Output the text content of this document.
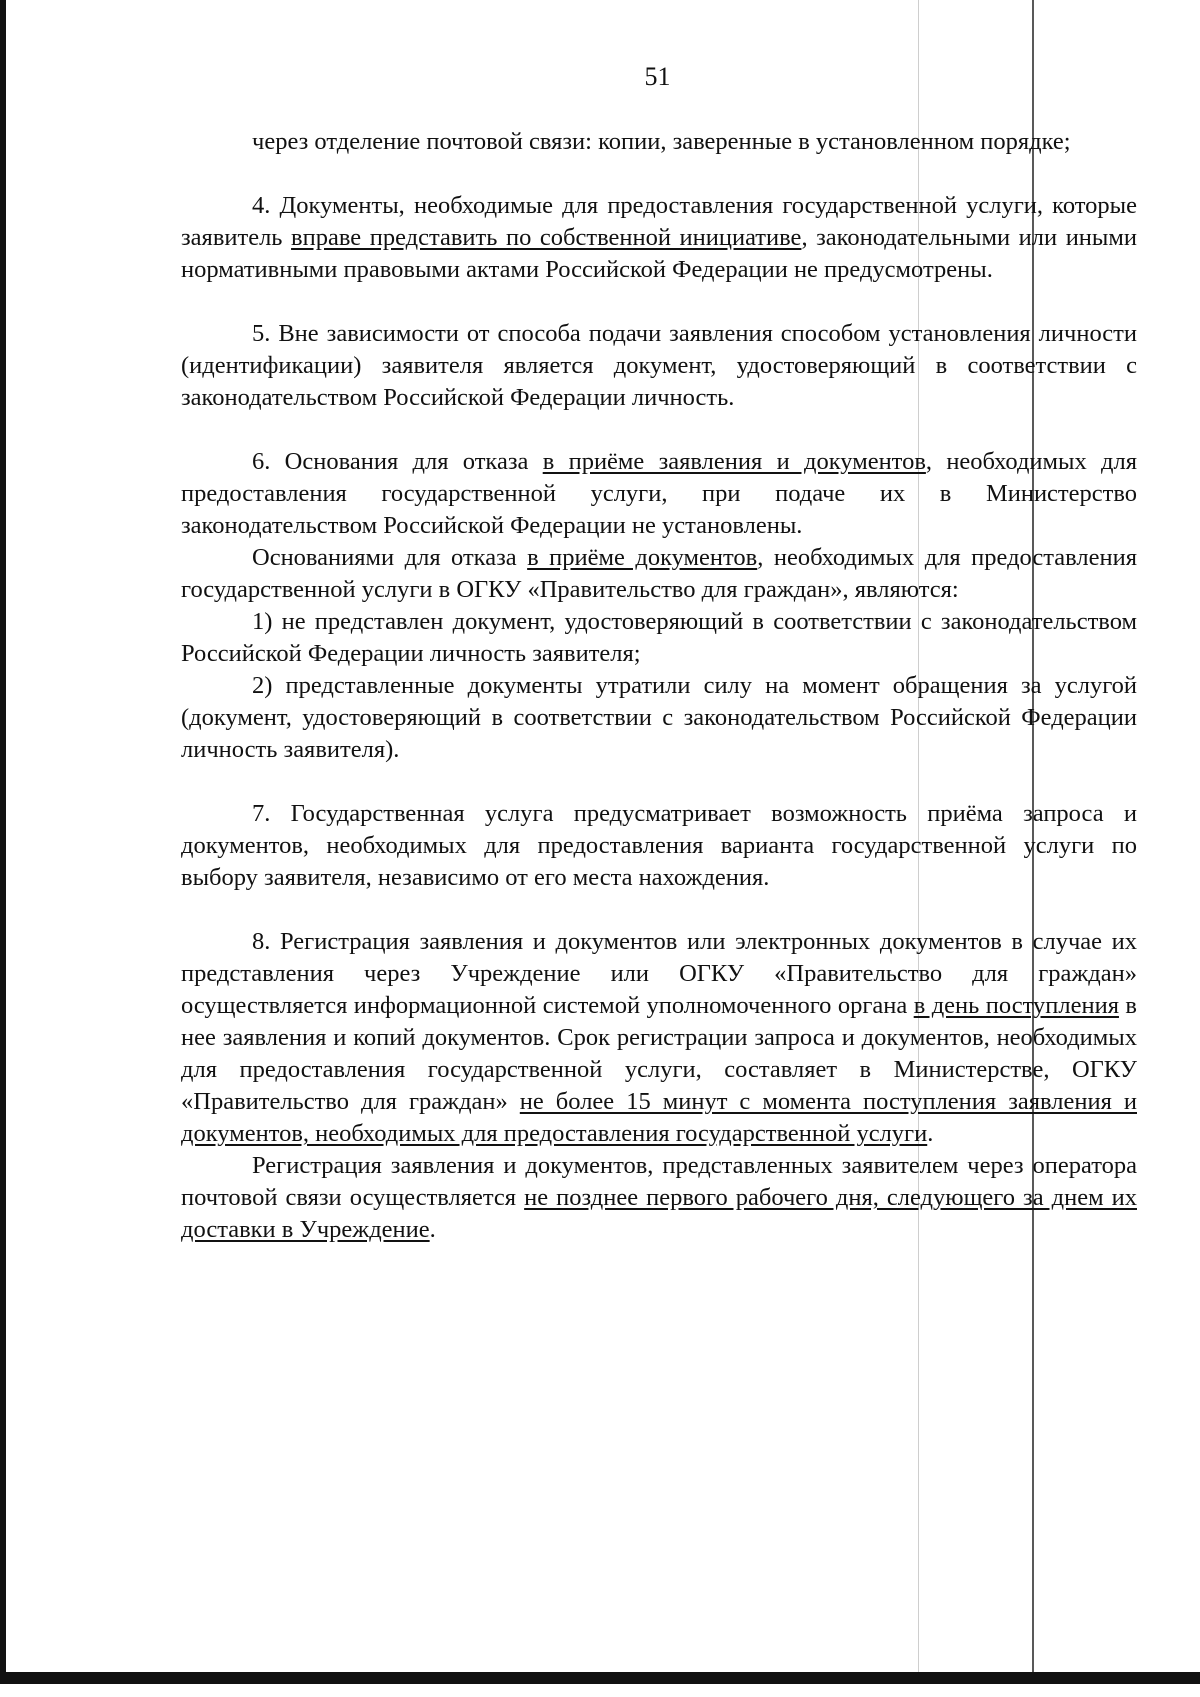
51

через отделение почтовой связи: копии, заверенные в установленном порядке;

4. Документы, необходимые для предоставления государственной услуги, которые заявитель вправе представить по собственной инициативе, законодательными или иными нормативными правовыми актами Российской Федерации не предусмотрены.

5. Вне зависимости от способа подачи заявления способом установления личности (идентификации) заявителя является документ, удостоверяющий в соответствии с законодательством Российской Федерации личность.

6. Основания для отказа в приёме заявления и документов, необходимых для предоставления государственной услуги, при подаче их в Министерство законодательством Российской Федерации не установлены.

Основаниями для отказа в приёме документов, необходимых для предоставления государственной услуги в ОГКУ «Правительство для граждан», являются:

1) не представлен документ, удостоверяющий в соответствии с законодательством Российской Федерации личность заявителя;

2) представленные документы утратили силу на момент обращения за услугой (документ, удостоверяющий в соответствии с законодательством Российской Федерации личность заявителя).

7. Государственная услуга предусматривает возможность приёма запроса и документов, необходимых для предоставления варианта государственной услуги по выбору заявителя, независимо от его места нахождения.

8. Регистрация заявления и документов или электронных документов в случае их представления через Учреждение или ОГКУ «Правительство для граждан» осуществляется информационной системой уполномоченного органа в день поступления в нее заявления и копий документов. Срок регистрации запроса и документов, необходимых для предоставления государственной услуги, составляет в Министерстве, ОГКУ «Правительство для граждан» не более 15 минут с момента поступления заявления и документов, необходимых для предоставления государственной услуги.

Регистрация заявления и документов, представленных заявителем через оператора почтовой связи осуществляется не позднее первого рабочего дня, следующего за днем их доставки в Учреждение.
